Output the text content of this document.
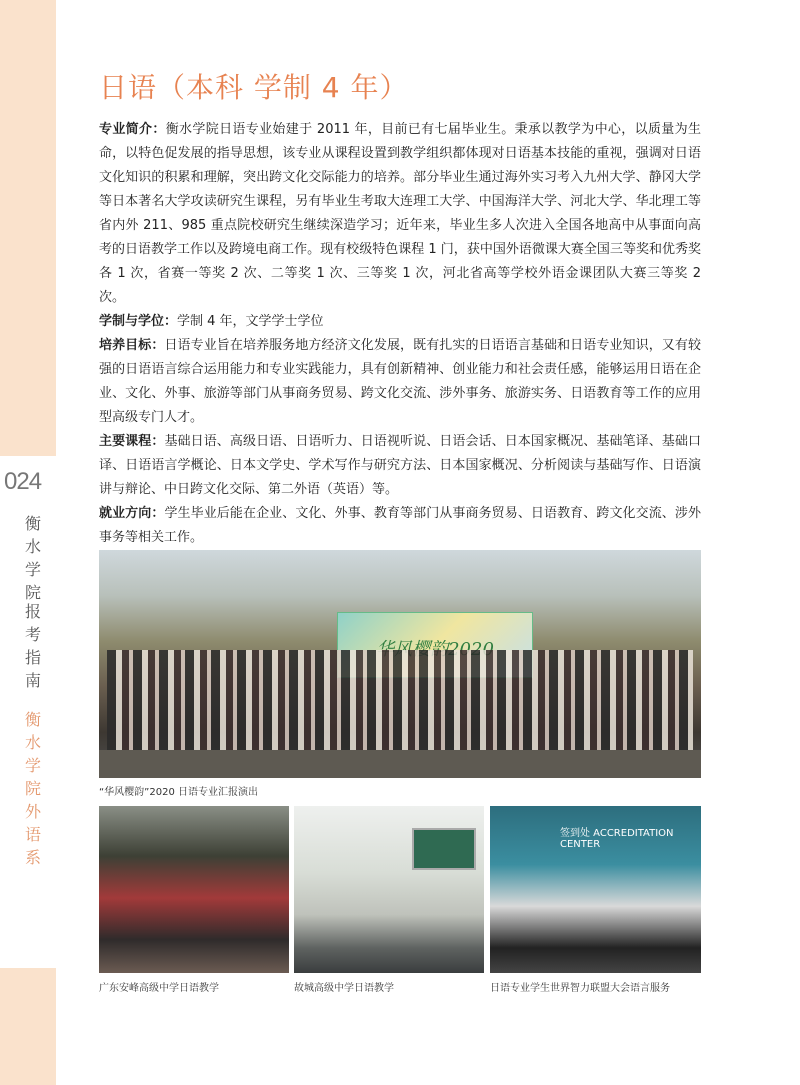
024
衡
水
学
院
报
考
指
南
衡
水
学
院
外
语
系
日语（本科 学制 4 年）

专业简介：衡水学院日语专业始建于 2011 年，目前已有七届毕业生。秉承以教学为中心，以质量为生命，以特色促发展的指导思想，该专业从课程设置到教学组织都体现对日语基本技能的重视，强调对日语文化知识的积累和理解，突出跨文化交际能力的培养。部分毕业生通过海外实习考入九州大学、静冈大学等日本著名大学攻读研究生课程，另有毕业生考取大连理工大学、中国海洋大学、河北大学、华北理工等省内外 211、985 重点院校研究生继续深造学习；近年来，毕业生多人次进入全国各地高中从事面向高考的日语教学工作以及跨境电商工作。现有校级特色课程 1 门，获中国外语微课大赛全国三等奖和优秀奖各 1 次，省赛一等奖 2 次、二等奖 1 次、三等奖 1 次，河北省高等学校外语金课团队大赛三等奖 2 次。

学制与学位：学制 4 年，文学学士学位

培养目标：日语专业旨在培养服务地方经济文化发展，既有扎实的日语语言基础和日语专业知识，又有较强的日语语言综合运用能力和专业实践能力，具有创新精神、创业能力和社会责任感，能够运用日语在企业、文化、外事、旅游等部门从事商务贸易、跨文化交流、涉外事务、旅游实务、日语教育等工作的应用型高级专门人才。

主要课程：基础日语、高级日语、日语听力、日语视听说、日语会话、日本国家概况、基础笔译、基础口译、日语语言学概论、日本文学史、学术写作与研究方法、日本国家概况、分析阅读与基础写作、日语演讲与辩论、中日跨文化交际、第二外语（英语）等。

就业方向：学生毕业后能在企业、文化、外事、教育等部门从事商务贸易、日语教育、跨文化交流、涉外事务等相关工作。

“华风樱韵”2020 日语专业汇报演出
广东安峰高级中学日语教学	故城高级中学日语教学
签到处 ACCREDITATION CENTER
日语专业学生世界智力联盟大会语言服务
